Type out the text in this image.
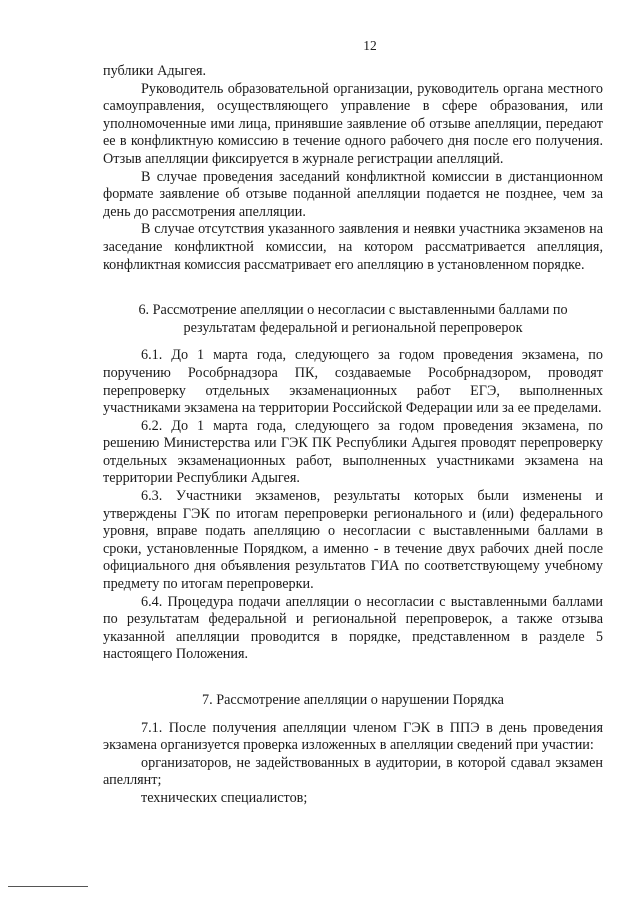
12

публики Адыгея.

Руководитель образовательной организации, руководитель органа местного самоуправления, осуществляющего управление в сфере образования, или уполномоченные ими лица, принявшие заявление об отзыве апелляции, передают ее в конфликтную комиссию в течение одного рабочего дня после его получения. Отзыв апелляции фиксируется в журнале регистрации апелляций.

В случае проведения заседаний конфликтной комиссии в дистанционном формате заявление об отзыве поданной апелляции подается не позднее, чем за день до рассмотрения апелляции.

В случае отсутствия указанного заявления и неявки участника экзаменов на заседание конфликтной комиссии, на котором рассматривается апелляция, конфликтная комиссия рассматривает его апелляцию в установленном порядке.

6. Рассмотрение апелляции о несогласии с выставленными баллами по результатам федеральной и региональной перепроверок

6.1. До 1 марта года, следующего за годом проведения экзамена, по поручению Рособрнадзора ПК, создаваемые Рособрнадзором, проводят перепроверку отдельных экзаменационных работ ЕГЭ, выполненных участниками экзамена на территории Российской Федерации или за ее пределами.

6.2. До 1 марта года, следующего за годом проведения экзамена, по решению Министерства или ГЭК ПК Республики Адыгея проводят перепроверку отдельных экзаменационных работ, выполненных участниками экзамена на территории Республики Адыгея.

6.3. Участники экзаменов, результаты которых были изменены и утверждены ГЭК по итогам перепроверки регионального и (или) федерального уровня, вправе подать апелляцию о несогласии с выставленными баллами в сроки, установленные Порядком, а именно - в течение двух рабочих дней после официального дня объявления результатов ГИА по соответствующему учебному предмету по итогам перепроверки.

6.4. Процедура подачи апелляции о несогласии с выставленными баллами по результатам федеральной и региональной перепроверок, а также отзыва указанной апелляции проводится в порядке, представленном в разделе 5 настоящего Положения.

7. Рассмотрение апелляции о нарушении Порядка

7.1. После получения апелляции членом ГЭК в ППЭ в день проведения экзамена организуется проверка изложенных в апелляции сведений при участии:

организаторов, не задействованных в аудитории, в которой сдавал экзамен апеллянт;

технических специалистов;
